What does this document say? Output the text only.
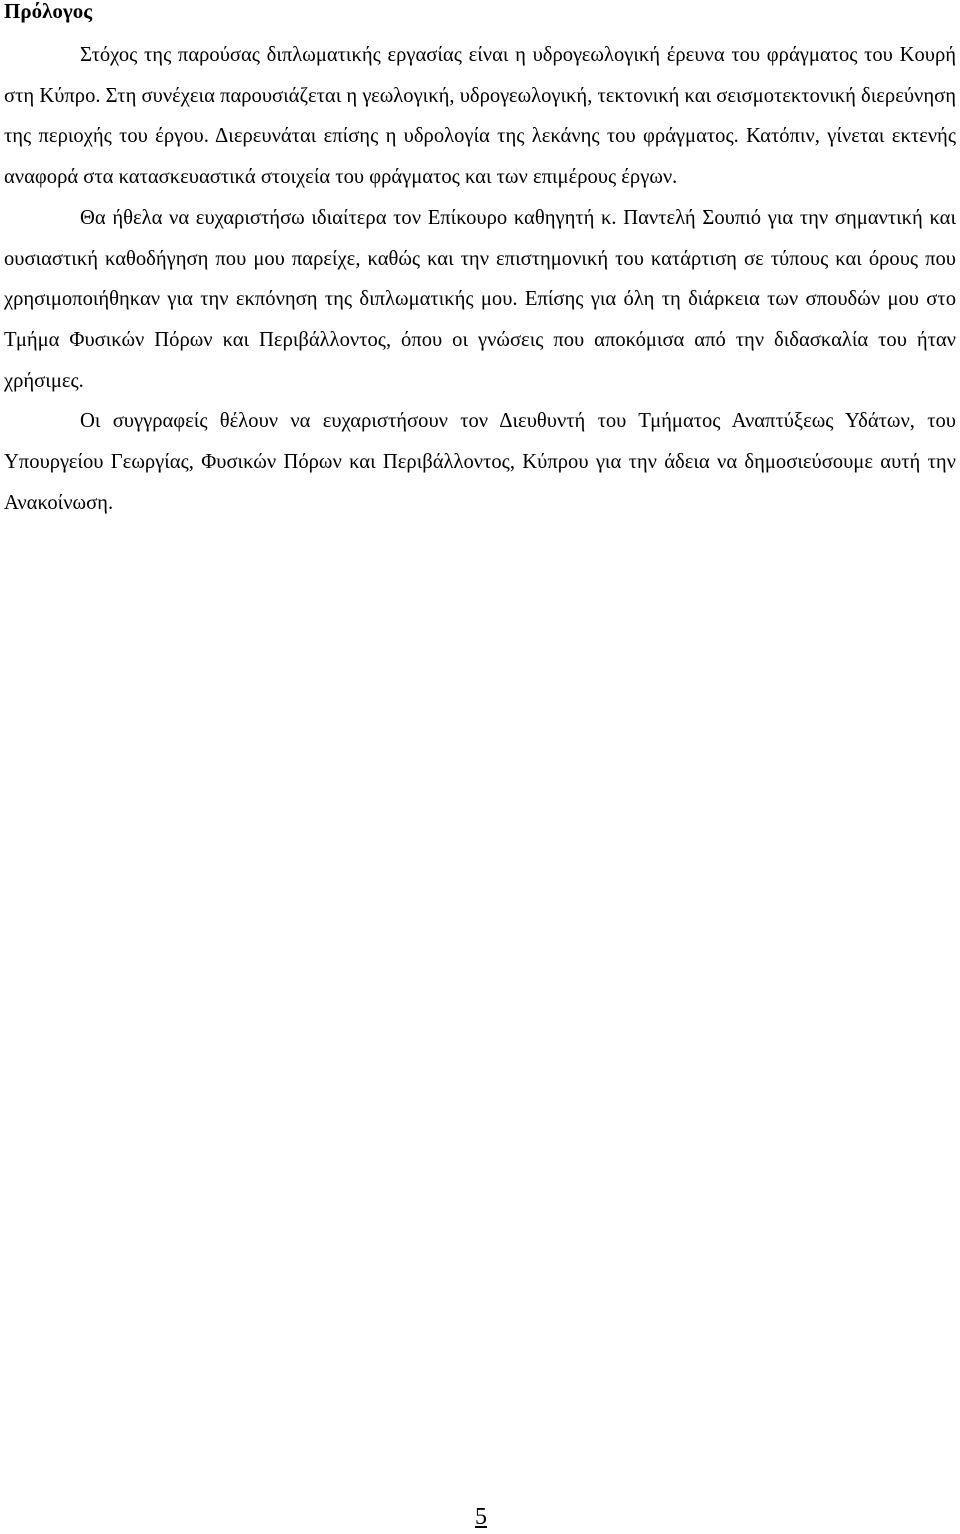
Πρόλογος

Στόχος της παρούσας διπλωματικής εργασίας είναι η υδρογεωλογική έρευνα του φράγματος του Κουρή στη Κύπρο. Στη συνέχεια παρουσιάζεται η γεωλογική, υδρογεωλογική, τεκτονική και σεισμοτεκτονική διερεύνηση της περιοχής του έργου. Διερευνάται επίσης η υδρολογία της λεκάνης του φράγματος. Κατόπιν, γίνεται εκτενής αναφορά στα κατασκευαστικά στοιχεία του φράγματος και των επιμέρους έργων.

Θα ήθελα να ευχαριστήσω ιδιαίτερα τον Επίκουρο καθηγητή κ. Παντελή Σουπιό για την σημαντική και ουσιαστική καθοδήγηση που μου παρείχε, καθώς και την επιστημονική του κατάρτιση σε τύπους και όρους που χρησιμοποιήθηκαν για την εκπόνηση της διπλωματικής μου. Επίσης για όλη τη διάρκεια των σπουδών μου στο Τμήμα Φυσικών Πόρων και Περιβάλλοντος, όπου οι γνώσεις που αποκόμισα από την διδασκαλία του ήταν χρήσιμες.

Οι συγγραφείς θέλουν να ευχαριστήσουν τον Διευθυντή του Τμήματος Αναπτύξεως Υδάτων, του Υπουργείου Γεωργίας, Φυσικών Πόρων και Περιβάλλοντος, Κύπρου για την άδεια να δημοσιεύσουμε αυτή την Ανακοίνωση.

5
